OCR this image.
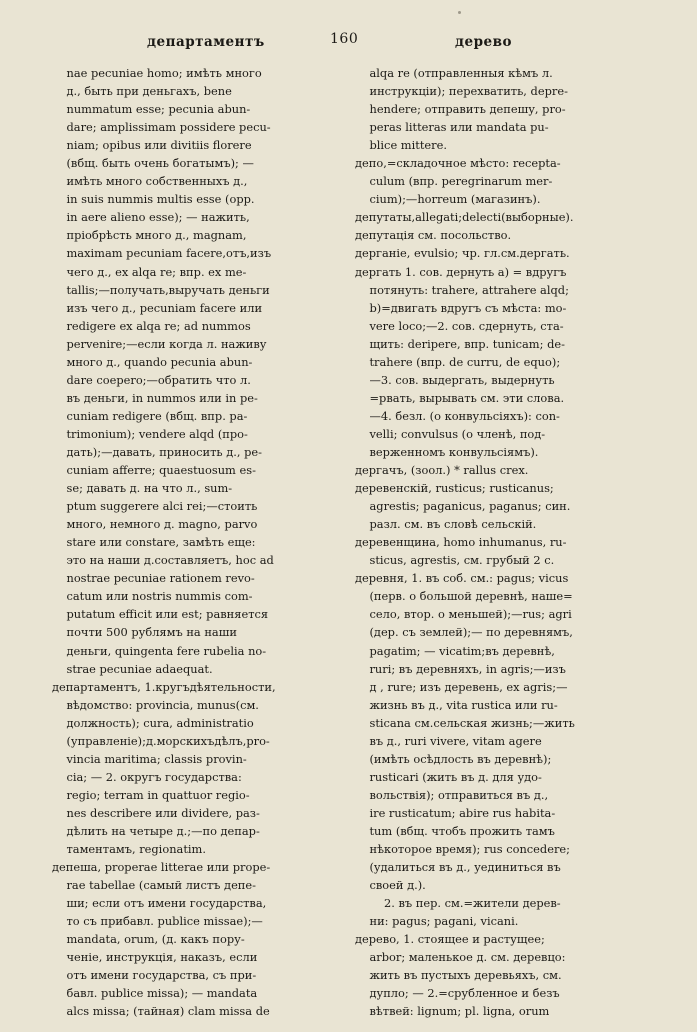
департаментъ	160	дерево
nae pecuniae homo; имѣть много
д., быть при деньгахъ, bene
nummatum esse; pecunia abun-
dare; amplissimam possidere pecu-
niam; opibus или divitiis florere
(вбщ. быть очень богатымъ); —
имѣть много собственныхъ д.,
in suis nummis multis esse (opp.
in aere alieno esse); — нажить,
пріобрѣсть много д., magnam,
maximam pecuniam facere,отъ,изъ
чего д., ex alqa re; впр. ex me-
tallis;—получать,выручать деньги
изъ чего д., pecuniam facere или
redigere ex alqa re; ad nummos
pervenire;—если когда л. наживу
много д., quando pecunia abun-
dare coepero;—обратить что л.
въ деньги, in nummos или in pe-
cuniam redigere (вбщ. впр. pa-
trimonium); vendere alqd (про-
дать);—давать, приносить д., pe-
cuniam afferre; quaestuosum es-
se; давать д. на что л., sum-
ptum suggerere alci rei;—стоить
много, немного д. magno, parvo
stare или constare, замѣть еще:
это на наши д.составляетъ, hoc ad
nostrae pecuniae rationem revo-
catum или nostris nummis com-
putatum efficit или est; равняется
почти 500 рублямъ на наши
деньги, quingenta fere rubelia no-
strae pecuniae adaequat.
департаментъ, 1.кругъдѣятельности,
вѣдомство: provincia, munus(см.
должность); cura, administratio
(управленіе);д.морскихъдѣлъ,pro-
vincia maritima; classis provin-
cia; — 2. округъ государства:
regio; terram in quattuor regio-
nes describere или dividere, раз-
дѣлить на четыре д.;—по депар-
таментамъ, regionatim.
депеша, properae litterae или prope-
rae tabellae (самый листъ депе-
ши; если отъ имени государства,
то съ прибавл. publice missae);—
mandata, orum, (д. какъ пору-
ченіе, инструкція, наказъ, если
отъ имени государства, съ при-
бавл. publice missa); — mandata
alcs missa; (тайная) clam missa de
alqa re (отправленныя кѣмъ л.
инструкціи); перехватить, depre-
hendere; отправить депешу, pro-
peras litteras или mandata pu-
blice mittere.
депо,=складочное мѣсто: recepta-
culum (впр. peregrinarum mer-
cium);—horreum (магазинъ).
депутаты,allegati;delecti(выборные).
депутація см. посольство.
дерганіе, evulsio; чр. гл.см.дергать.
дергать 1. сов. дернуть а) = вдругъ
потянуть: trahere, attrahere alqd;
b)=двигать вдругъ съ мѣста: mo-
vere loco;—2. сов. сдернуть, ста-
щить: deripere, впр. tunicam; de-
trahere (впр. de curru, de equo);
—3. сов. выдергать, выдернуть
=рвать, вырывать см. эти слова.
—4. безл. (о конвульсіяхъ): con-
velli; convulsus (о членѣ, под-
верженномъ конвульсіямъ).
дергачъ, (зоол.) * rallus crex.
деревенскій, rusticus; rusticanus;
agrestis; paganicus, paganus; син.
разл. см. въ словѣ сельскій.
деревенщина, homo inhumanus, ru-
sticus, agrestis, см. грубый 2 с.
деревня, 1. въ соб. см.: pagus; vicus
(перв. о большой деревнѣ, наше=
село, втор. о меньшей);—rus; agri
(дер. съ землей);— по деревнямъ,
pagatim; — vicatim;въ деревнѣ,
ruri; въ деревняхъ, in agris;—изъ
д , rure; изъ деревень, ex agris;—
жизнь въ д., vita rustica или ru-
sticana см.сельская жизнь;—жить
въ д., ruri vivere, vitam agere
(имѣть осѣдлость въ деревнѣ);
rusticari (жить въ д. для удо-
вольствія); отправиться въ д.,
ire rusticatum; abire rus habita-
tum (вбщ. чтобъ прожить тамъ
нѣкоторое время); rus concedere;
(удалиться въ д., уединиться въ
своей д.).
2. въ пер. см.=жители дерев-
ни: pagus; pagani, vicani.
дерево, 1. стоящее и растущее;
arbor; маленькое д. см. деревцо:
жить въ пустыхъ деревьяхъ, см.
дупло; — 2.=срубленное и безъ
вѣтвей: lignum; pl. ligna, orum
